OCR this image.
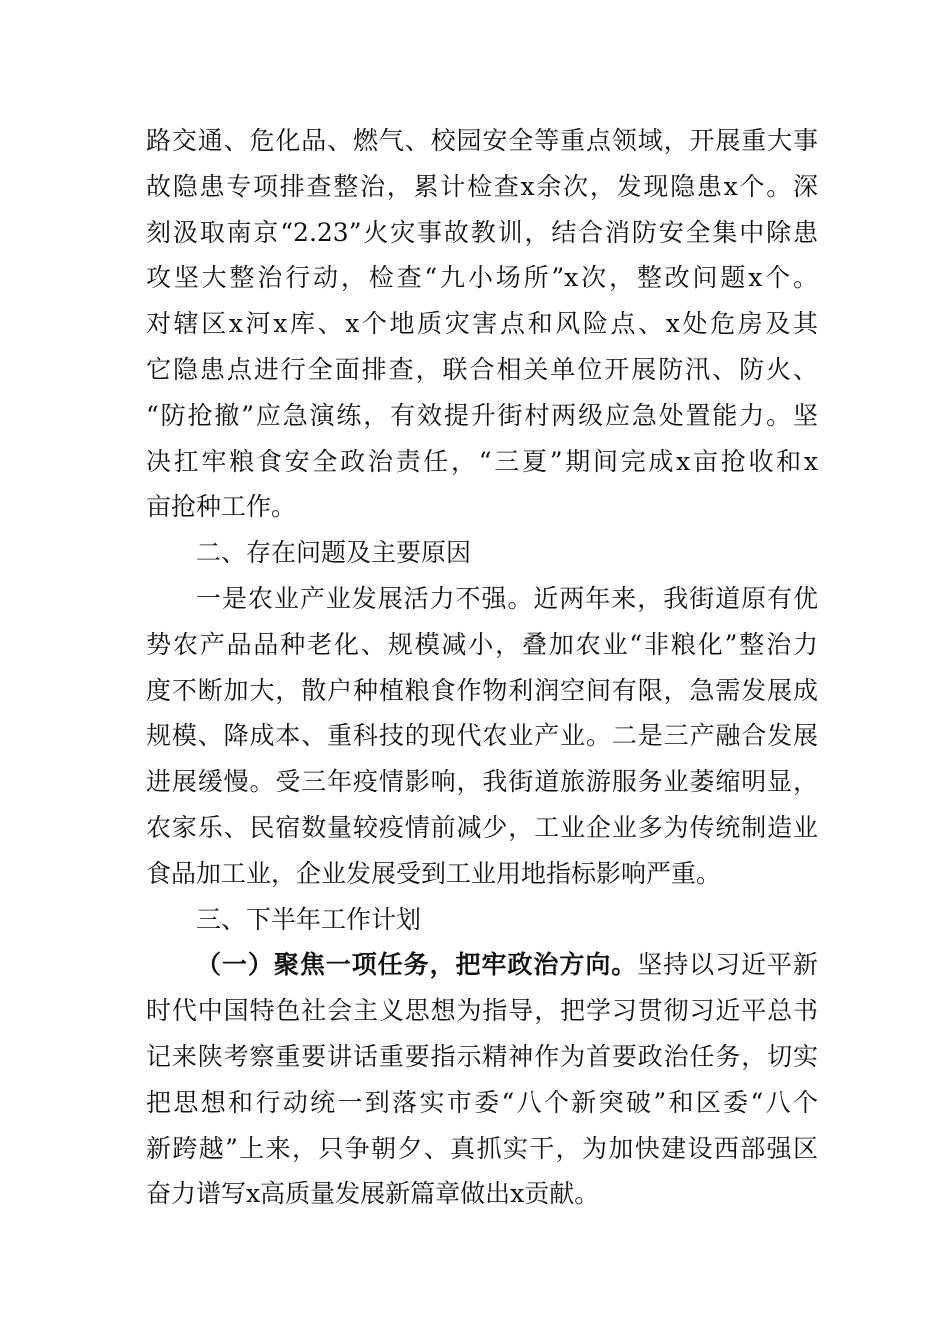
路交通、危化品、燃气、校园安全等重点领域，开展重大事
故隐患专项排查整治，累计检查x余次，发现隐患x个。深
刻汲取南京“2.23”火灾事故教训，结合消防安全集中除患
攻坚大整治行动，检查“九小场所”x次，整改问题x个。
对辖区x河x库、x个地质灾害点和风险点、x处危房及其
它隐患点进行全面排查，联合相关单位开展防汛、防火、
“防抢撤”应急演练，有效提升街村两级应急处置能力。坚
决扛牢粮食安全政治责任，“三夏”期间完成x亩抢收和x
亩抢种工作。
二、存在问题及主要原因
一是农业产业发展活力不强。近两年来，我街道原有优
势农产品品种老化、规模减小，叠加农业“非粮化”整治力
度不断加大，散户种植粮食作物利润空间有限，急需发展成
规模、降成本、重科技的现代农业产业。二是三产融合发展
进展缓慢。受三年疫情影响，我街道旅游服务业萎缩明显，
农家乐、民宿数量较疫情前减少，工业企业多为传统制造业
食品加工业，企业发展受到工业用地指标影响严重。
三、下半年工作计划
（一）聚焦一项任务，把牢政治方向。坚持以习近平新
时代中国特色社会主义思想为指导，把学习贯彻习近平总书
记来陕考察重要讲话重要指示精神作为首要政治任务，切实
把思想和行动统一到落实市委“八个新突破”和区委“八个
新跨越”上来，只争朝夕、真抓实干，为加快建设西部强区
奋力谱写x高质量发展新篇章做出x贡献。
